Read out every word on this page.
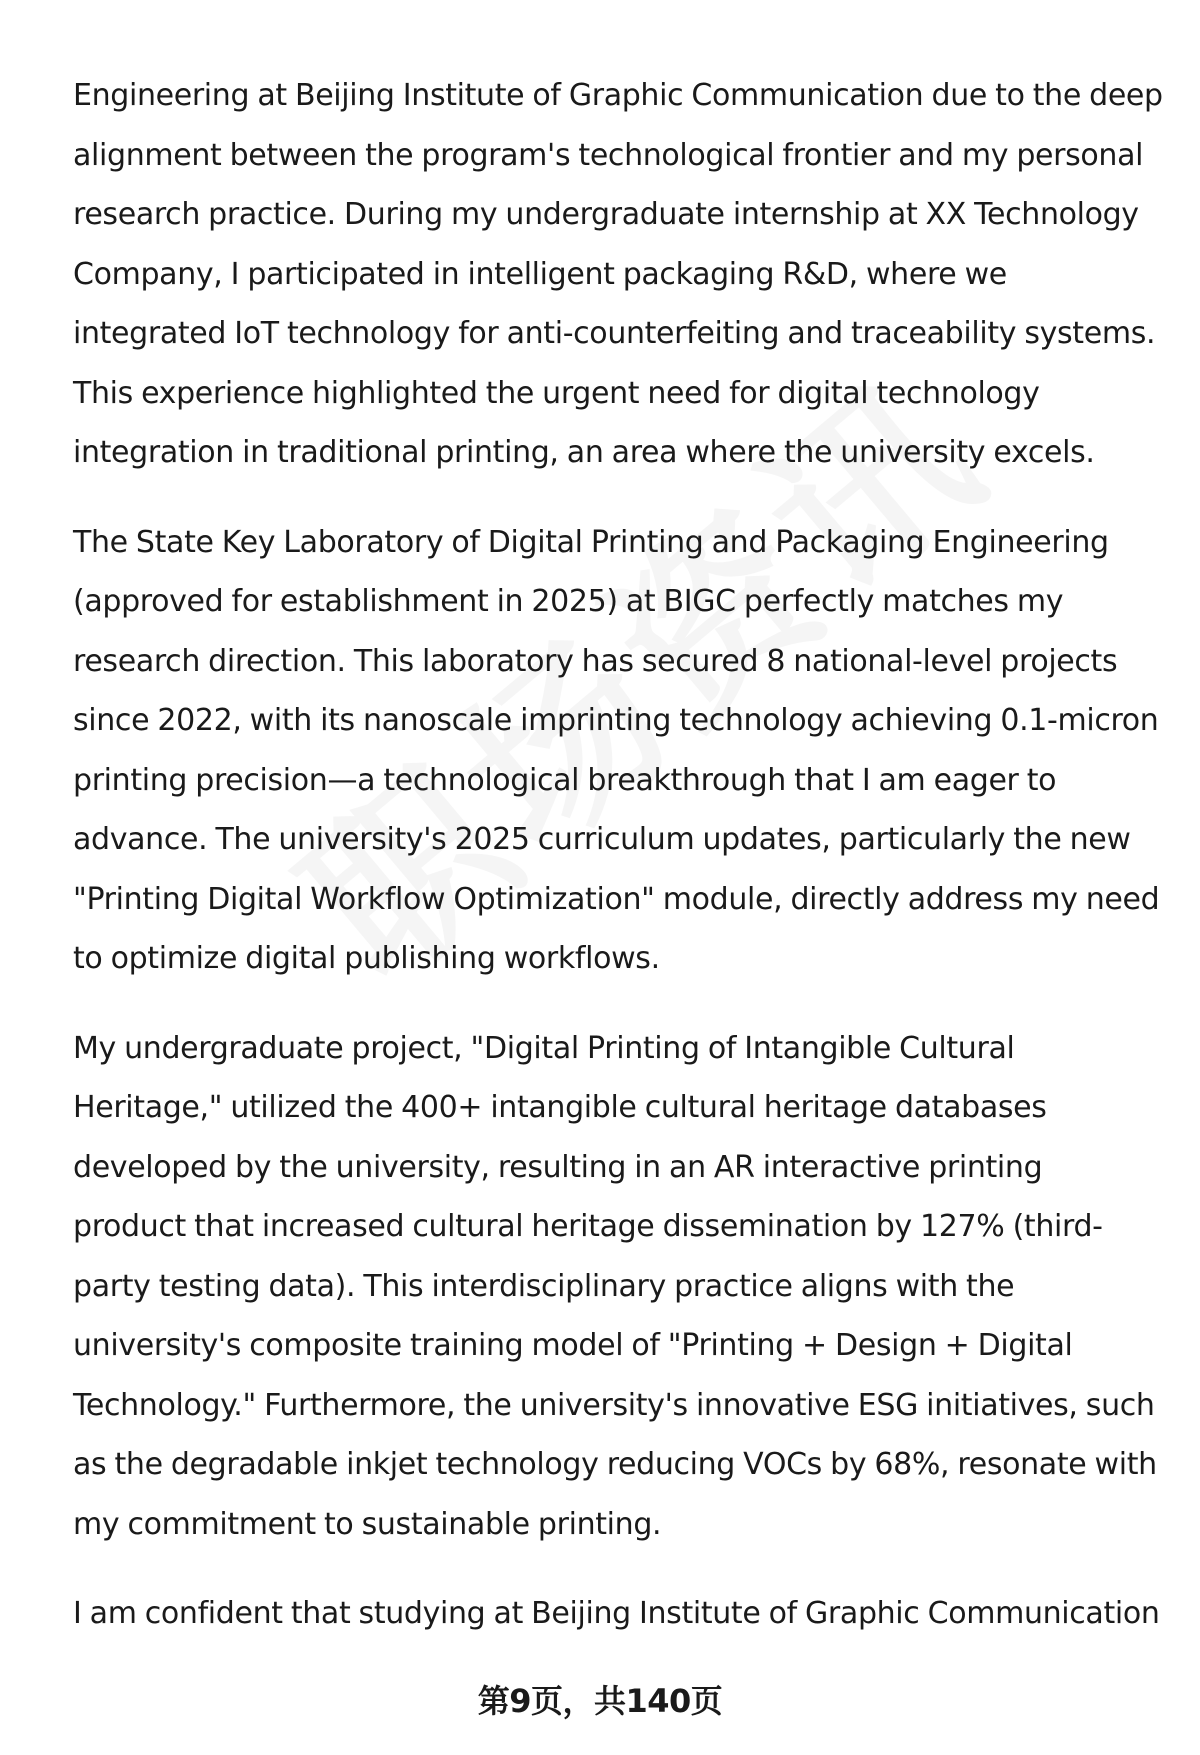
Engineering at Beijing Institute of Graphic Communication due to the deep alignment between the program's technological frontier and my personal research practice. During my undergraduate internship at XX Technology Company, I participated in intelligent packaging R&D, where we integrated IoT technology for anti-counterfeiting and traceability systems. This experience highlighted the urgent need for digital technology integration in traditional printing, an area where the university excels.

The State Key Laboratory of Digital Printing and Packaging Engineering (approved for establishment in 2025) at BIGC perfectly matches my research direction. This laboratory has secured 8 national-level projects since 2022, with its nanoscale imprinting technology achieving 0.1-micron printing precision—a technological breakthrough that I am eager to advance. The university's 2025 curriculum updates, particularly the new "Printing Digital Workflow Optimization" module, directly address my need to optimize digital publishing workflows.

My undergraduate project, "Digital Printing of Intangible Cultural Heritage," utilized the 400+ intangible cultural heritage databases developed by the university, resulting in an AR interactive printing product that increased cultural heritage dissemination by 127% (third-party testing data). This interdisciplinary practice aligns with the university's composite training model of "Printing + Design + Digital Technology." Furthermore, the university's innovative ESG initiatives, such as the degradable inkjet technology reducing VOCs by 68%, resonate with my commitment to sustainable printing.

I am confident that studying at Beijing Institute of Graphic Communication

第9页，共140页
